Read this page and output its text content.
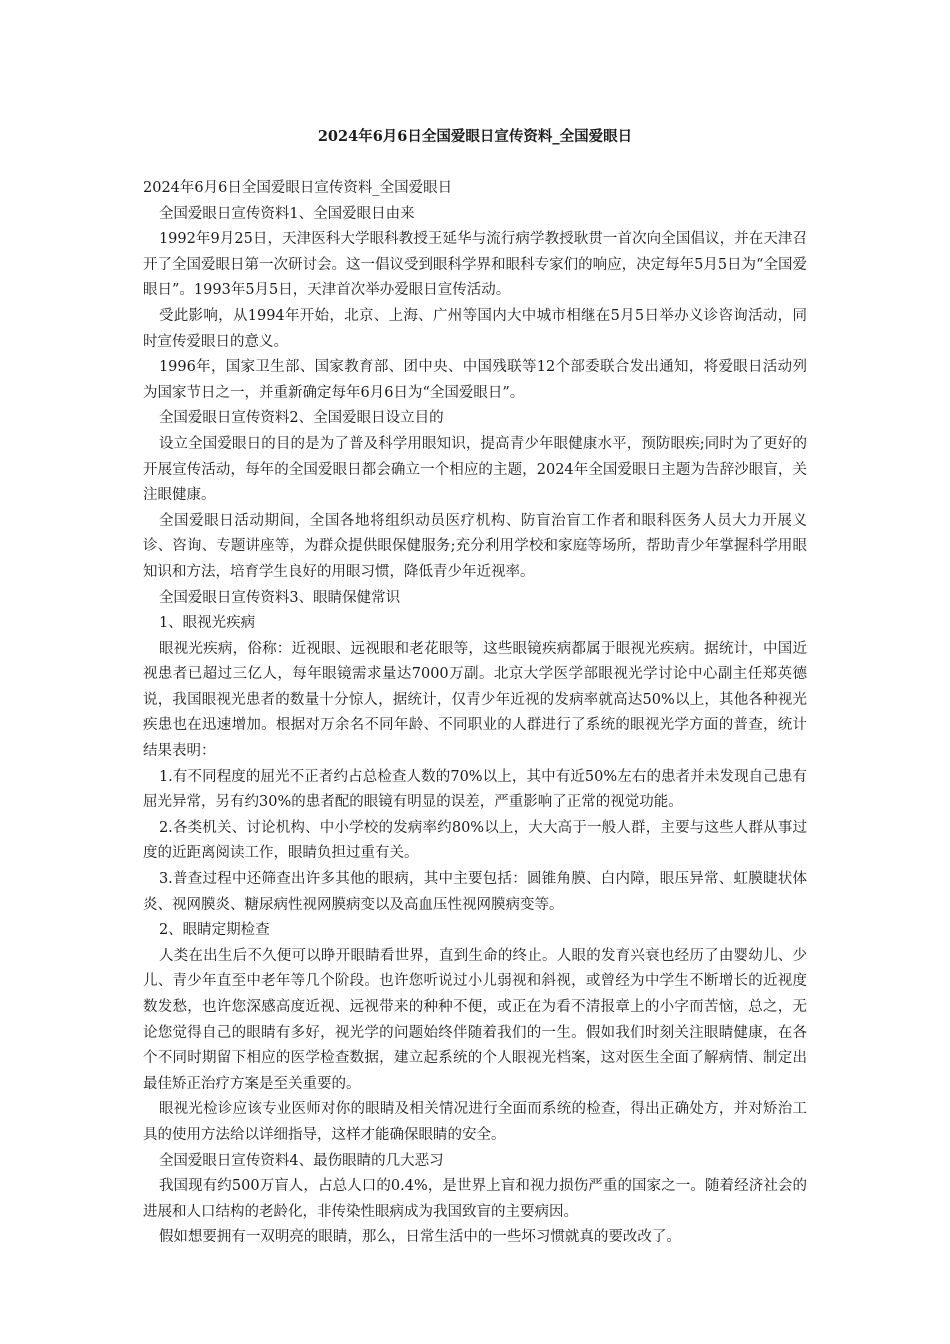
2024年6月6日全国爱眼日宣传资料_全国爱眼日

2024年6月6日全国爱眼日宣传资料_全国爱眼日

全国爱眼日宣传资料1、全国爱眼日由来

1992年9月25日，天津医科大学眼科教授王延华与流行病学教授耿贯一首次向全国倡议，并在天津召开了全国爱眼日第一次研讨会。这一倡议受到眼科学界和眼科专家们的响应，决定每年5月5日为“全国爱眼日”。1993年5月5日，天津首次举办爱眼日宣传活动。

受此影响，从1994年开始，北京、上海、广州等国内大中城市相继在5月5日举办义诊咨询活动，同时宣传爱眼日的意义。

1996年，国家卫生部、国家教育部、团中央、中国残联等12个部委联合发出通知，将爱眼日活动列为国家节日之一，并重新确定每年6月6日为“全国爱眼日”。

全国爱眼日宣传资料2、全国爱眼日设立目的

设立全国爱眼日的目的是为了普及科学用眼知识，提高青少年眼健康水平，预防眼疾;同时为了更好的开展宣传活动，每年的全国爱眼日都会确立一个相应的主题，2024年全国爱眼日主题为告辞沙眼盲，关注眼健康。

全国爱眼日活动期间，全国各地将组织动员医疗机构、防盲治盲工作者和眼科医务人员大力开展义诊、咨询、专题讲座等，为群众提供眼保健服务;充分利用学校和家庭等场所，帮助青少年掌握科学用眼知识和方法，培育学生良好的用眼习惯，降低青少年近视率。

全国爱眼日宣传资料3、眼睛保健常识

1、眼视光疾病

眼视光疾病，俗称：近视眼、远视眼和老花眼等，这些眼镜疾病都属于眼视光疾病。据统计，中国近视患者已超过三亿人，每年眼镜需求量达7000万副。北京大学医学部眼视光学讨论中心副主任郑英德说，我国眼视光患者的数量十分惊人，据统计，仅青少年近视的发病率就高达50%以上，其他各种视光疾患也在迅速增加。根据对万余名不同年龄、不同职业的人群进行了系统的眼视光学方面的普查，统计结果表明：

1.有不同程度的屈光不正者约占总检查人数的70%以上，其中有近50%左右的患者并未发现自己患有屈光异常，另有约30%的患者配的眼镜有明显的误差，严重影响了正常的视觉功能。

2.各类机关、讨论机构、中小学校的发病率约80%以上，大大高于一般人群，主要与这些人群从事过度的近距离阅读工作，眼睛负担过重有关。

3.普查过程中还筛查出许多其他的眼病，其中主要包括：圆锥角膜、白内障，眼压异常、虹膜睫状体炎、视网膜炎、糖尿病性视网膜病变以及高血压性视网膜病变等。

2、眼睛定期检查

人类在出生后不久便可以睁开眼睛看世界，直到生命的终止。人眼的发育兴衰也经历了由婴幼儿、少儿、青少年直至中老年等几个阶段。也许您听说过小儿弱视和斜视，或曾经为中学生不断增长的近视度数发愁，也许您深感高度近视、远视带来的种种不便，或正在为看不清报章上的小字而苦恼，总之，无论您觉得自己的眼睛有多好，视光学的问题始终伴随着我们的一生。假如我们时刻关注眼睛健康，在各个不同时期留下相应的医学检查数据，建立起系统的个人眼视光档案，这对医生全面了解病情、制定出最佳矫正治疗方案是至关重要的。

眼视光检诊应该专业医师对你的眼睛及相关情况进行全面而系统的检查，得出正确处方，并对矫治工具的使用方法给以详细指导，这样才能确保眼睛的安全。

全国爱眼日宣传资料4、最伤眼睛的几大恶习

我国现有约500万盲人，占总人口的0.4%，是世界上盲和视力损伤严重的国家之一。随着经济社会的进展和人口结构的老龄化，非传染性眼病成为我国致盲的主要病因。

假如想要拥有一双明亮的眼睛，那么，日常生活中的一些坏习惯就真的要改改了。
